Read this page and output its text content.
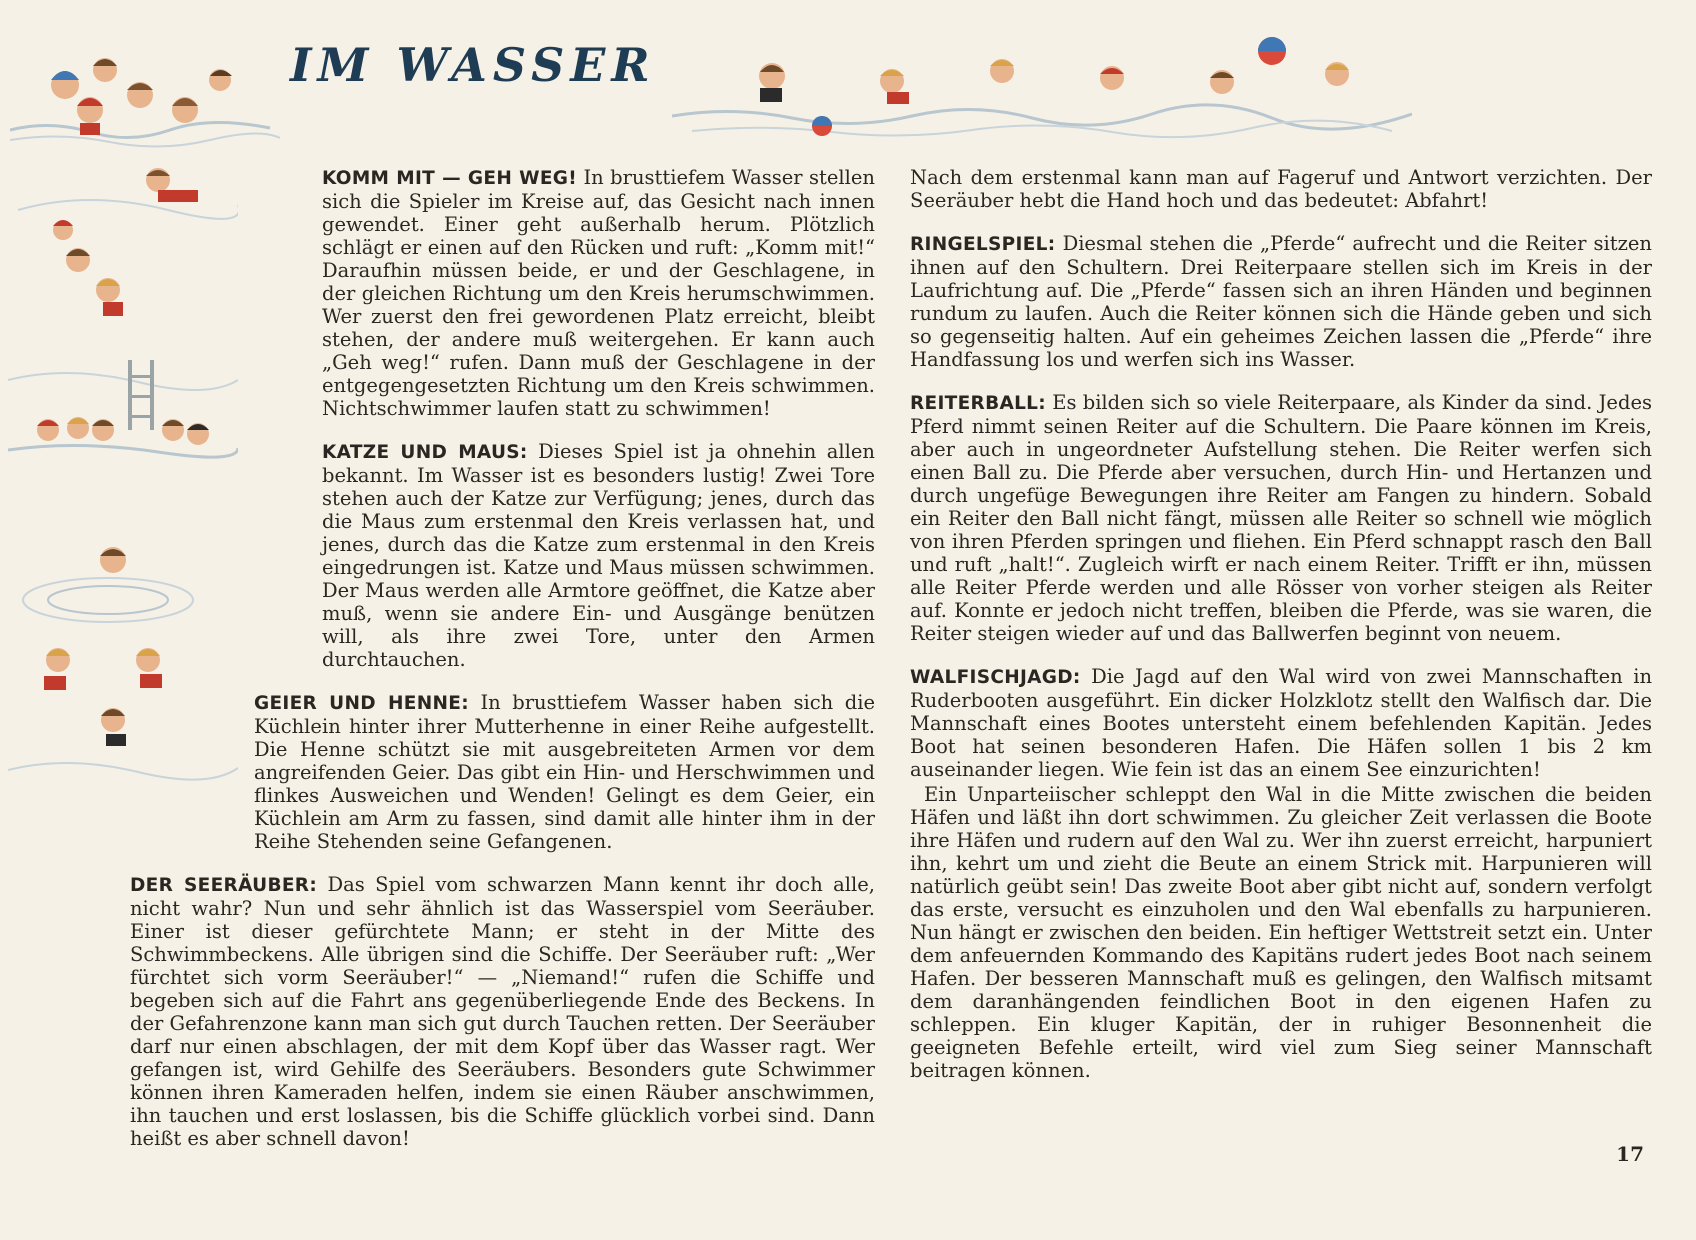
IM WASSER

KOMM MIT — GEH WEG! In brusttiefem Wasser stellen sich die Spieler im Kreise auf, das Gesicht nach innen gewendet. Einer geht außerhalb herum. Plötzlich schlägt er einen auf den Rücken und ruft: „Komm mit!“ Daraufhin müssen beide, er und der Geschlagene, in der gleichen Richtung um den Kreis herumschwimmen. Wer zuerst den frei gewordenen Platz erreicht, bleibt stehen, der andere muß weitergehen. Er kann auch „Geh weg!“ rufen. Dann muß der Geschlagene in der entgegengesetzten Richtung um den Kreis schwimmen. Nichtschwimmer laufen statt zu schwimmen!

KATZE UND MAUS: Dieses Spiel ist ja ohnehin allen bekannt. Im Wasser ist es besonders lustig! Zwei Tore stehen auch der Katze zur Verfügung; jenes, durch das die Maus zum erstenmal den Kreis verlassen hat, und jenes, durch das die Katze zum erstenmal in den Kreis eingedrungen ist. Katze und Maus müssen schwimmen. Der Maus werden alle Armtore geöffnet, die Katze aber muß, wenn sie andere Ein- und Ausgänge benützen will, als ihre zwei Tore, unter den Armen durchtauchen.

GEIER UND HENNE: In brusttiefem Wasser haben sich die Küchlein hinter ihrer Mutterhenne in einer Reihe aufgestellt. Die Henne schützt sie mit ausgebreiteten Armen vor dem angreifenden Geier. Das gibt ein Hin- und Herschwimmen und flinkes Ausweichen und Wenden! Gelingt es dem Geier, ein Küchlein am Arm zu fassen, sind damit alle hinter ihm in der Reihe Stehenden seine Gefangenen.

DER SEERÄUBER: Das Spiel vom schwarzen Mann kennt ihr doch alle, nicht wahr? Nun und sehr ähnlich ist das Wasserspiel vom Seeräuber. Einer ist dieser gefürchtete Mann; er steht in der Mitte des Schwimmbeckens. Alle übrigen sind die Schiffe. Der Seeräuber ruft: „Wer fürchtet sich vorm Seeräuber!“ — „Niemand!“ rufen die Schiffe und begeben sich auf die Fahrt ans gegenüberliegende Ende des Beckens. In der Gefahrenzone kann man sich gut durch Tauchen retten. Der Seeräuber darf nur einen abschlagen, der mit dem Kopf über das Wasser ragt. Wer gefangen ist, wird Gehilfe des Seeräubers. Besonders gute Schwimmer können ihren Kameraden helfen, indem sie einen Räuber anschwimmen, ihn tauchen und erst loslassen, bis die Schiffe glücklich vorbei sind. Dann heißt es aber schnell davon!

Nach dem erstenmal kann man auf Fageruf und Antwort verzichten. Der Seeräuber hebt die Hand hoch und das bedeutet: Abfahrt!

RINGELSPIEL: Diesmal stehen die „Pferde“ aufrecht und die Reiter sitzen ihnen auf den Schultern. Drei Reiterpaare stellen sich im Kreis in der Laufrichtung auf. Die „Pferde“ fassen sich an ihren Händen und beginnen rundum zu laufen. Auch die Reiter können sich die Hände geben und sich so gegenseitig halten. Auf ein geheimes Zeichen lassen die „Pferde“ ihre Handfassung los und werfen sich ins Wasser.

REITERBALL: Es bilden sich so viele Reiterpaare, als Kinder da sind. Jedes Pferd nimmt seinen Reiter auf die Schultern. Die Paare können im Kreis, aber auch in ungeordneter Aufstellung stehen. Die Reiter werfen sich einen Ball zu. Die Pferde aber versuchen, durch Hin- und Hertanzen und durch ungefüge Bewegungen ihre Reiter am Fangen zu hindern. Sobald ein Reiter den Ball nicht fängt, müssen alle Reiter so schnell wie möglich von ihren Pferden springen und fliehen. Ein Pferd schnappt rasch den Ball und ruft „halt!“. Zugleich wirft er nach einem Reiter. Trifft er ihn, müssen alle Reiter Pferde werden und alle Rösser von vorher steigen als Reiter auf. Konnte er jedoch nicht treffen, bleiben die Pferde, was sie waren, die Reiter steigen wieder auf und das Ballwerfen beginnt von neuem.

WALFISCHJAGD: Die Jagd auf den Wal wird von zwei Mannschaften in Ruderbooten ausgeführt. Ein dicker Holzklotz stellt den Walfisch dar. Die Mannschaft eines Bootes untersteht einem befehlenden Kapitän. Jedes Boot hat seinen besonderen Hafen. Die Häfen sollen 1 bis 2 km auseinander liegen. Wie fein ist das an einem See einzurichten!

Ein Unparteiischer schleppt den Wal in die Mitte zwischen die beiden Häfen und läßt ihn dort schwimmen. Zu gleicher Zeit verlassen die Boote ihre Häfen und rudern auf den Wal zu. Wer ihn zuerst erreicht, harpuniert ihn, kehrt um und zieht die Beute an einem Strick mit. Harpunieren will natürlich geübt sein! Das zweite Boot aber gibt nicht auf, sondern verfolgt das erste, versucht es einzuholen und den Wal ebenfalls zu harpunieren. Nun hängt er zwischen den beiden. Ein heftiger Wettstreit setzt ein. Unter dem anfeuernden Kommando des Kapitäns rudert jedes Boot nach seinem Hafen. Der besseren Mannschaft muß es gelingen, den Walfisch mitsamt dem daranhängenden feindlichen Boot in den eigenen Hafen zu schleppen. Ein kluger Kapitän, der in ruhiger Besonnenheit die geeigneten Befehle erteilt, wird viel zum Sieg seiner Mannschaft beitragen können.

17
